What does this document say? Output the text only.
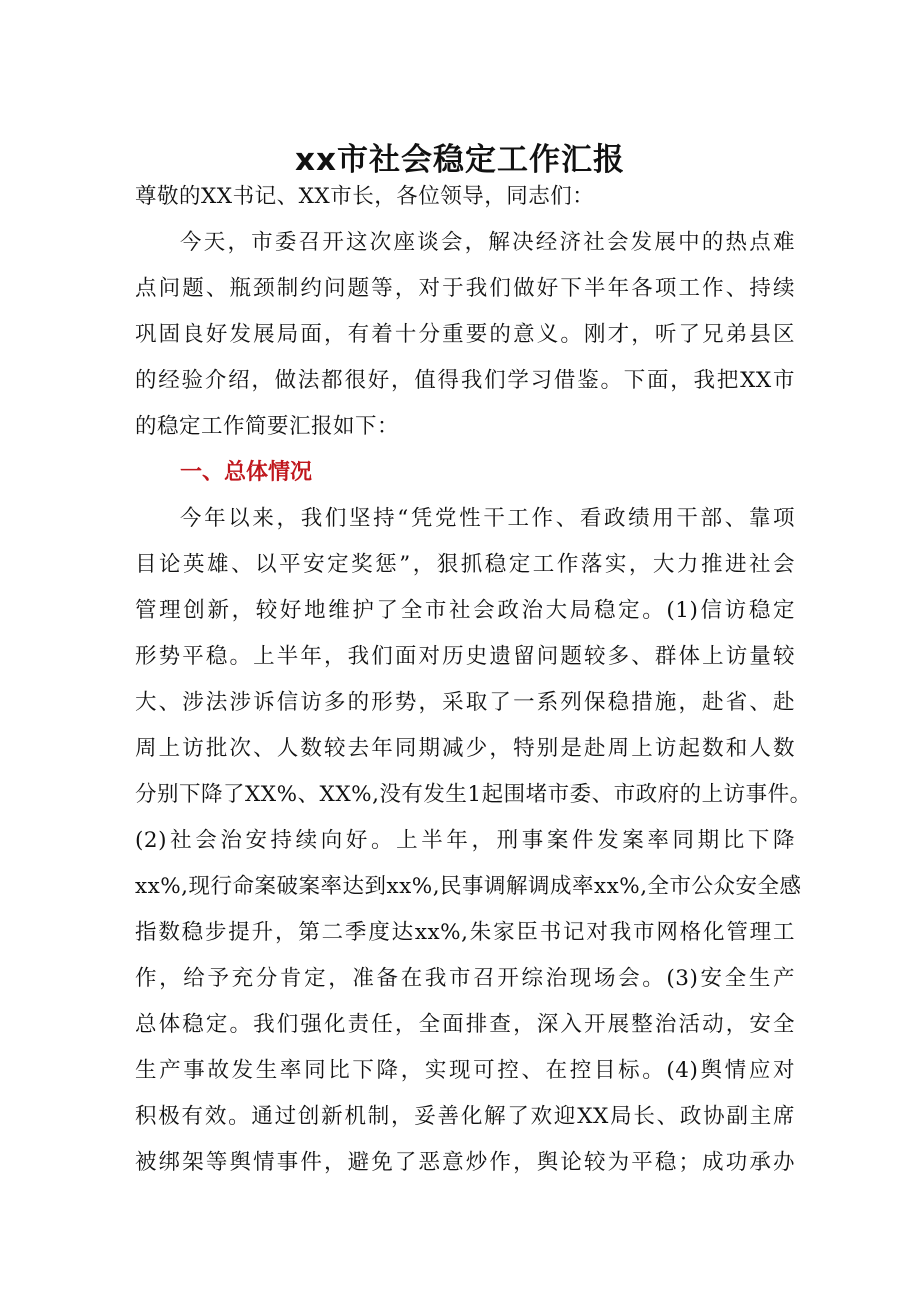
xx市社会稳定工作汇报
尊敬的XX书记、XX市长，各位领导，同志们：
今天，市委召开这次座谈会，解决经济社会发展中的热点难
点问题、瓶颈制约问题等，对于我们做好下半年各项工作、持续
巩固良好发展局面，有着十分重要的意义。刚才，听了兄弟县区
的经验介绍，做法都很好，值得我们学习借鉴。下面，我把XX市
的稳定工作简要汇报如下：
一、总体情况
今年以来，我们坚持“凭党性干工作、看政绩用干部、靠项
目论英雄、以平安定奖惩”，狠抓稳定工作落实，大力推进社会
管理创新，较好地维护了全市社会政治大局稳定。(1)信访稳定
形势平稳。上半年，我们面对历史遗留问题较多、群体上访量较
大、涉法涉诉信访多的形势，采取了一系列保稳措施，赴省、赴
周上访批次、人数较去年同期减少，特别是赴周上访起数和人数
分别下降了XX%、XX%,没有发生1起围堵市委、市政府的上访事件。
(2)社会治安持续向好。上半年，刑事案件发案率同期比下降
xx%,现行命案破案率达到xx%,民事调解调成率xx%,全市公众安全感
指数稳步提升，第二季度达xx%,朱家臣书记对我市网格化管理工
作，给予充分肯定，准备在我市召开综治现场会。(3)安全生产
总体稳定。我们强化责任，全面排查，深入开展整治活动，安全
生产事故发生率同比下降，实现可控、在控目标。(4)舆情应对
积极有效。通过创新机制，妥善化解了欢迎XX局长、政协副主席
被绑架等舆情事件，避免了恶意炒作，舆论较为平稳；成功承办
